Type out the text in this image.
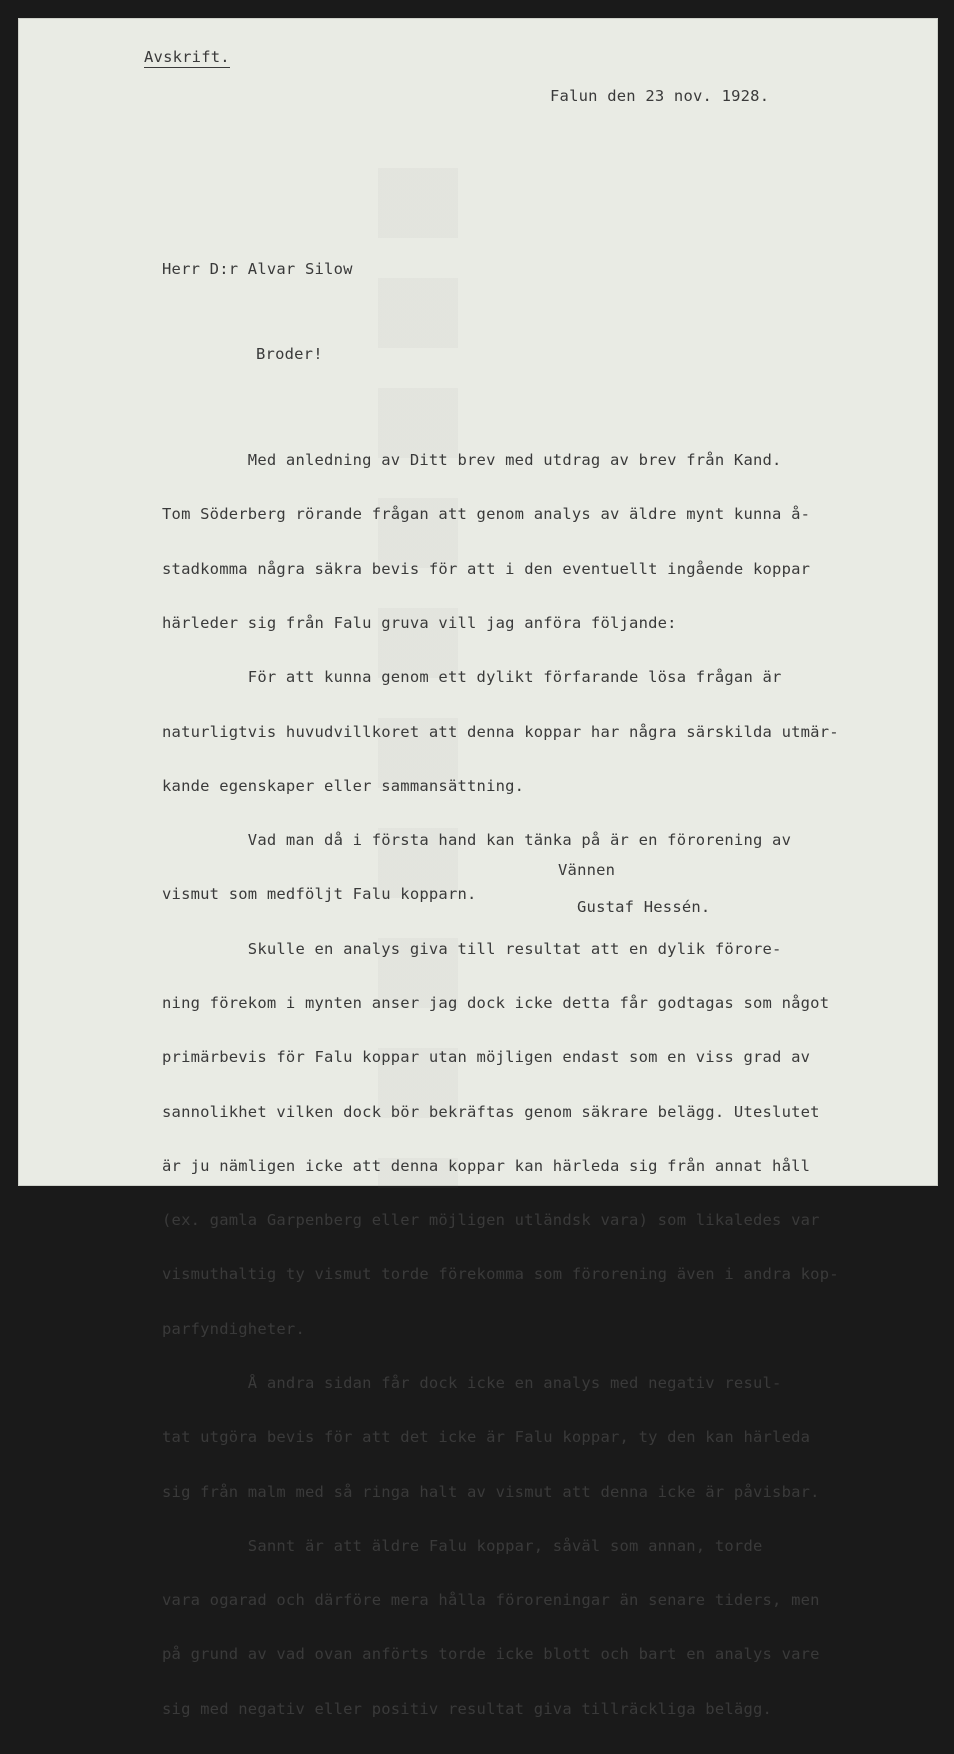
Avskrift.
Falun den 23 nov. 1928.
Herr D:r Alvar Silow
Broder!

Med anledning av Ditt brev med utdrag av brev från Kand.

Tom Söderberg rörande frågan att genom analys av äldre mynt kunna å-

stadkomma några säkra bevis för att i den eventuellt ingående koppar

härleder sig från Falu gruva vill jag anföra följande:

För att kunna genom ett dylikt förfarande lösa frågan är

naturligtvis huvudvillkoret att denna koppar har några särskilda utmär-

kande egenskaper eller sammansättning.

Vad man då i första hand kan tänka på är en förorening av

vismut som medföljt Falu kopparn.

Skulle en analys giva till resultat att en dylik förore-

ning förekom i mynten anser jag dock icke detta får godtagas som något

primärbevis för Falu koppar utan möjligen endast som en viss grad av

sannolikhet vilken dock bör bekräftas genom säkrare belägg. Uteslutet

är ju nämligen icke att denna koppar kan härleda sig från annat håll

(ex. gamla Garpenberg eller möjligen utländsk vara) som likaledes var

vismuthaltig ty vismut torde förekomma som förorening även i andra kop-

parfyndigheter.

Å andra sidan får dock icke en analys med negativ resul-

tat utgöra bevis för att det icke är Falu koppar, ty den kan härleda

sig från malm med så ringa halt av vismut att denna icke är påvisbar.

Sannt är att äldre Falu koppar, såväl som annan, torde

vara ogarad och därföre mera hålla föroreningar än senare tiders, men

på grund av vad ovan anförts torde icke blott och bart en analys vare

sig med negativ eller positiv resultat giva tillräckliga belägg.

Vännen
Gustaf Hessén.
